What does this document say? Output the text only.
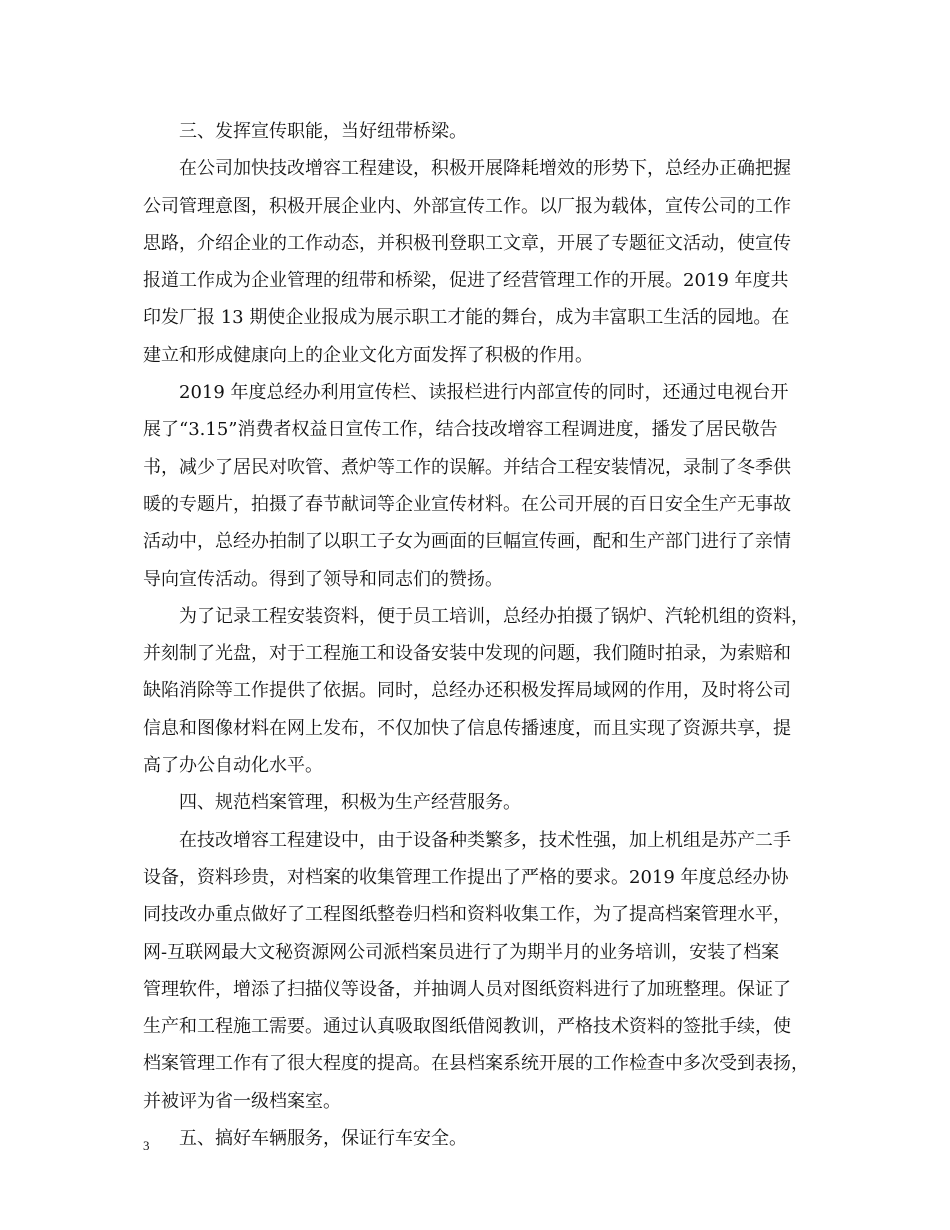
三、发挥宣传职能，当好纽带桥梁。
在公司加快技改增容工程建设，积极开展降耗增效的形势下，总经办正确把握
公司管理意图，积极开展企业内、外部宣传工作。以厂报为载体，宣传公司的工作
思路，介绍企业的工作动态，并积极刊登职工文章，开展了专题征文活动，使宣传
报道工作成为企业管理的纽带和桥梁，促进了经营管理工作的开展。2019 年度共
印发厂报 13 期使企业报成为展示职工才能的舞台，成为丰富职工生活的园地。在
建立和形成健康向上的企业文化方面发挥了积极的作用。
2019 年度总经办利用宣传栏、读报栏进行内部宣传的同时，还通过电视台开
展了“3.15”消费者权益日宣传工作，结合技改增容工程调进度，播发了居民敬告
书，减少了居民对吹管、煮炉等工作的误解。并结合工程安装情况，录制了冬季供
暖的专题片，拍摄了春节献词等企业宣传材料。在公司开展的百日安全生产无事故
活动中，总经办拍制了以职工子女为画面的巨幅宣传画，配和生产部门进行了亲情
导向宣传活动。得到了领导和同志们的赞扬。
为了记录工程安装资料，便于员工培训，总经办拍摄了锅炉、汽轮机组的资料，
并刻制了光盘，对于工程施工和设备安装中发现的问题，我们随时拍录，为索赔和
缺陷消除等工作提供了依据。同时，总经办还积极发挥局域网的作用，及时将公司
信息和图像材料在网上发布，不仅加快了信息传播速度，而且实现了资源共享，提
高了办公自动化水平。
四、规范档案管理，积极为生产经营服务。
在技改增容工程建设中，由于设备种类繁多，技术性强，加上机组是苏产二手
设备，资料珍贵，对档案的收集管理工作提出了严格的要求。2019 年度总经办协
同技改办重点做好了工程图纸整卷归档和资料收集工作，为了提高档案管理水平，
网-互联网最大文秘资源网公司派档案员进行了为期半月的业务培训，安装了档案
管理软件，增添了扫描仪等设备，并抽调人员对图纸资料进行了加班整理。保证了
生产和工程施工需要。通过认真吸取图纸借阅教训，严格技术资料的签批手续，使
档案管理工作有了很大程度的提高。在县档案系统开展的工作检查中多次受到表扬，
并被评为省一级档案室。
五、搞好车辆服务，保证行车安全。
3
